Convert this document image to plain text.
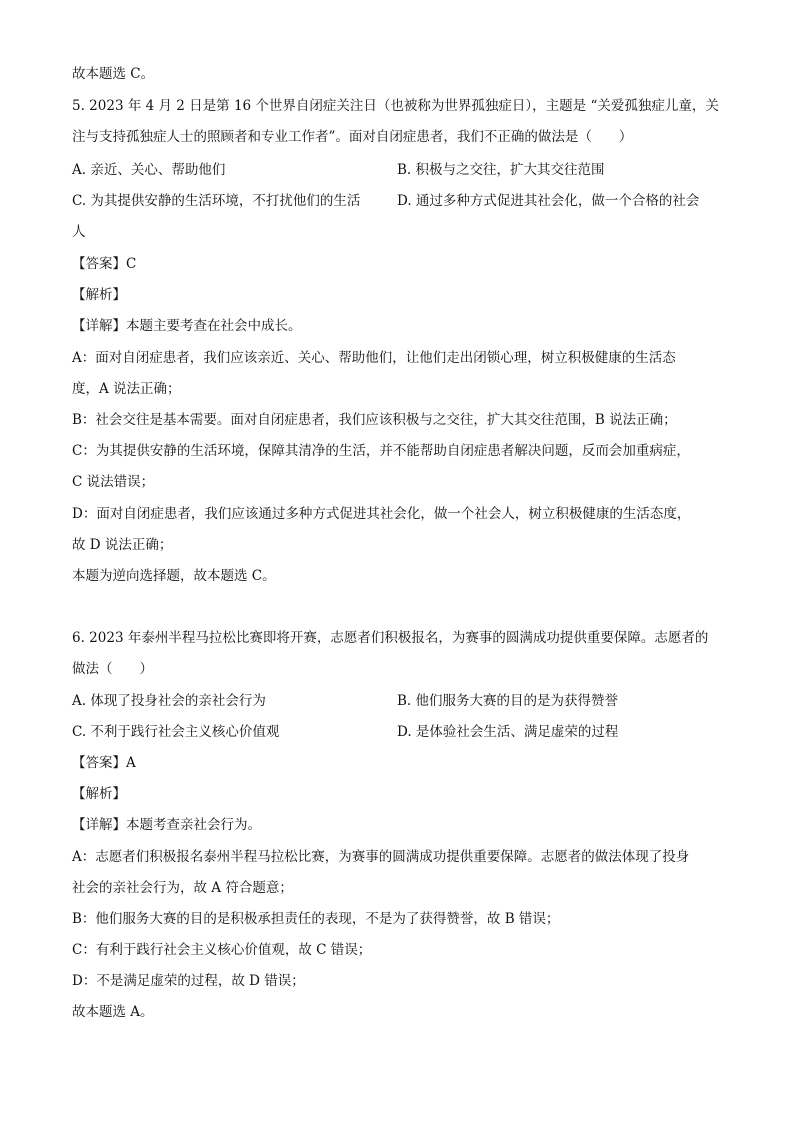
故本题选 C。
5. 2023 年 4 月 2 日是第 16 个世界自闭症关注日（也被称为世界孤独症日），主题是 “关爱孤独症儿童，关
注与支持孤独症人士的照顾者和专业工作者”。面对自闭症患者，我们不正确的做法是（　　）
A. 亲近、关心、帮助他们	B. 积极与之交往，扩大其交往范围
C. 为其提供安静的生活环境，不打扰他们的生活	D. 通过多种方式促进其社会化，做一个合格的社会
人
【答案】C
【解析】
【详解】本题主要考查在社会中成长。
A：面对自闭症患者，我们应该亲近、关心、帮助他们，让他们走出闭锁心理，树立积极健康的生活态
度，A 说法正确；
B：社会交往是基本需要。面对自闭症患者，我们应该积极与之交往，扩大其交往范围，B 说法正确；
C：为其提供安静的生活环境，保障其清净的生活，并不能帮助自闭症患者解决问题，反而会加重病症，
C 说法错误；
D：面对自闭症患者，我们应该通过多种方式促进其社会化，做一个社会人，树立积极健康的生活态度，
故 D 说法正确；
本题为逆向选择题，故本题选 C。
6. 2023 年泰州半程马拉松比赛即将开赛，志愿者们积极报名，为赛事的圆满成功提供重要保障。志愿者的
做法（　　）
A. 体现了投身社会的亲社会行为	B. 他们服务大赛的目的是为获得赞誉
C. 不利于践行社会主义核心价值观	D. 是体验社会生活、满足虚荣的过程
【答案】A
【解析】
【详解】本题考查亲社会行为。
A：志愿者们积极报名泰州半程马拉松比赛，为赛事的圆满成功提供重要保障。志愿者的做法体现了投身
社会的亲社会行为，故 A 符合题意；
B：他们服务大赛的目的是积极承担责任的表现，不是为了获得赞誉，故 B 错误；
C：有利于践行社会主义核心价值观，故 C 错误；
D：不是满足虚荣的过程，故 D 错误；
故本题选 A。
